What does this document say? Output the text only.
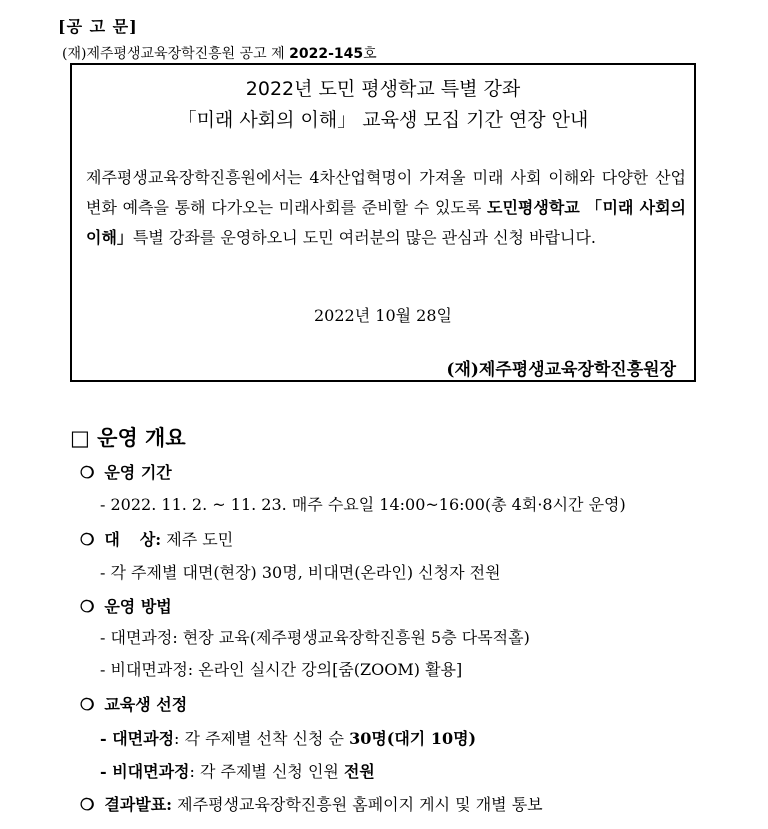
[공 고 문]
(재)제주평생교육장학진흥원 공고 제 2022-145호
2022년 도민 평생학교 특별 강좌
「미래 사회의 이해」 교육생 모집 기간 연장 안내
제주평생교육장학진흥원에서는 4차산업혁명이 가져올 미래 사회 이해와 다양한 산업 변화 예측을 통해 다가오는 미래사회를 준비할 수 있도록 도민평생학교 「미래 사회의 이해」특별 강좌를 운영하오니 도민 여러분의 많은 관심과 신청 바랍니다.
2022년 10월 28일
(재)제주평생교육장학진흥원장
□ 운영 개요
❍ 운영 기간
- 2022. 11. 2. ~ 11. 23. 매주 수요일 14:00~16:00(총 4회·8시간 운영)
❍ 대상: 제주 도민
- 각 주제별 대면(현장) 30명, 비대면(온라인) 신청자 전원
❍ 운영 방법
- 대면과정: 현장 교육(제주평생교육장학진흥원 5층 다목적홀)
- 비대면과정: 온라인 실시간 강의[줌(ZOOM) 활용]
❍ 교육생 선정
- 대면과정: 각 주제별 선착 신청 순 30명(대기 10명)
- 비대면과정: 각 주제별 신청 인원 전원
❍ 결과발표: 제주평생교육장학진흥원 홈페이지 게시 및 개별 통보
